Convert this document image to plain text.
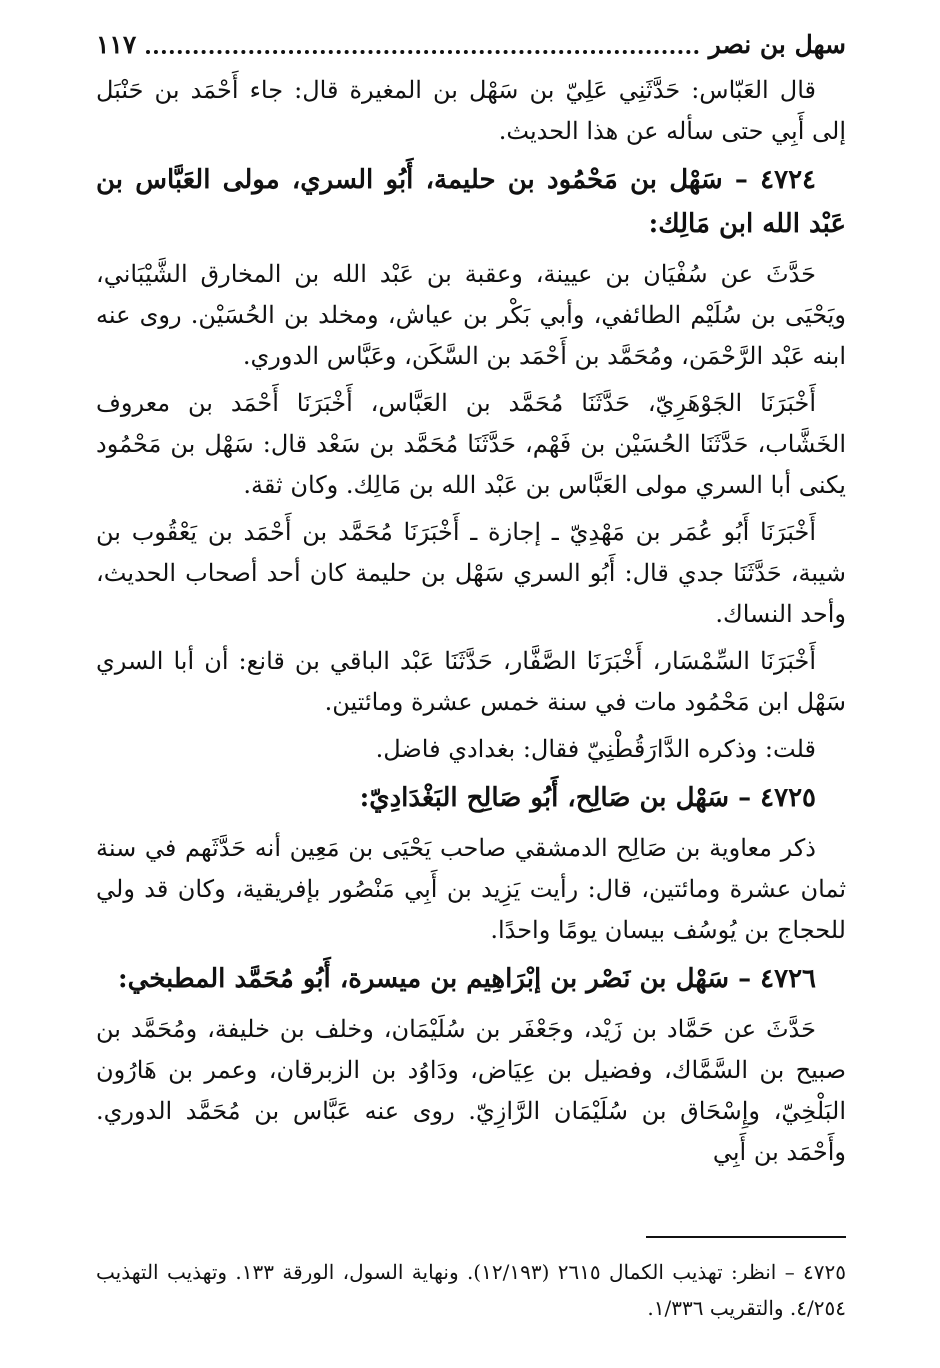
سهل بن نصر
١١٧

قال العَبّاس: حَدَّثَنِي عَلِيّ بن سَهْل بن المغيرة قال: جاء أَحْمَد بن حَنْبَل إلى أَبِي حتى سأله عن هذا الحديث.

٤٧٢٤ – سَهْل بن مَحْمُود بن حليمة، أَبُو السري، مولى العَبَّاس بن عَبْد الله ابن مَالِك:

حَدَّثَ عن سُفْيَان بن عيينة، وعقبة بن عَبْد الله بن المخارق الشَّيْبَاني، ويَحْيَى بن سُلَيْم الطائفي، وأبي بَكْر بن عياش، ومخلد بن الحُسَيْن. روى عنه ابنه عَبْد الرَّحْمَن، ومُحَمَّد بن أَحْمَد بن السَّكَن، وعَبَّاس الدوري.

أَخْبَرَنَا الجَوْهَرِيّ، حَدَّثَنَا مُحَمَّد بن العَبَّاس، أَخْبَرَنَا أَحْمَد بن معروف الخَشَّاب، حَدَّثَنَا الحُسَيْن بن فَهْم، حَدَّثَنَا مُحَمَّد بن سَعْد قال: سَهْل بن مَحْمُود يكنى أبا السري مولى العَبَّاس بن عَبْد الله بن مَالِك. وكان ثقة.

أَخْبَرَنَا أَبُو عُمَر بن مَهْدِيّ ـ إجازة ـ أَخْبَرَنَا مُحَمَّد بن أَحْمَد بن يَعْقُوب بن شيبة، حَدَّثَنَا جدي قال: أَبُو السري سَهْل بن حليمة كان أحد أصحاب الحديث، وأحد النساك.

أَخْبَرَنَا السِّمْسَار، أَخْبَرَنَا الصَّفَّار، حَدَّثَنَا عَبْد الباقي بن قانع: أن أبا السري سَهْل ابن مَحْمُود مات في سنة خمس عشرة ومائتين.

قلت: وذكره الدَّارَقُطْنِيّ فقال: بغدادي فاضل.

٤٧٢٥ – سَهْل بن صَالِح، أَبُو صَالِح البَغْدَادِيّ:

ذكر معاوية بن صَالِح الدمشقي صاحب يَحْيَى بن مَعِين أنه حَدَّثَهم في سنة ثمان عشرة ومائتين، قال: رأيت يَزِيد بن أَبِي مَنْصُور بإفريقية، وكان قد ولي للحجاج بن يُوسُف بيسان يومًا واحدًا.

٤٧٢٦ – سَهْل بن نَصْر بن إبْرَاهِيم بن ميسرة، أَبُو مُحَمَّد المطبخي:

حَدَّثَ عن حَمَّاد بن زَيْد، وجَعْفَر بن سُلَيْمَان، وخلف بن خليفة، ومُحَمَّد بن صبيح بن السَّمَّاك، وفضيل بن عِيَاض، ودَاوُد بن الزبرقان، وعمر بن هَارُون البَلْخِيّ، وإِسْحَاق بن سُلَيْمَان الرَّازِيّ. روى عنه عَبَّاس بن مُحَمَّد الدوري. وأَحْمَد بن أَبِي

٤٧٢٥ – انظر: تهذيب الكمال ٢٦١٥ (١٢/١٩٣). ونهاية السول، الورقة ١٣٣. وتهذيب التهذيب ٤/٢٥٤. والتقريب ١/٣٣٦.
